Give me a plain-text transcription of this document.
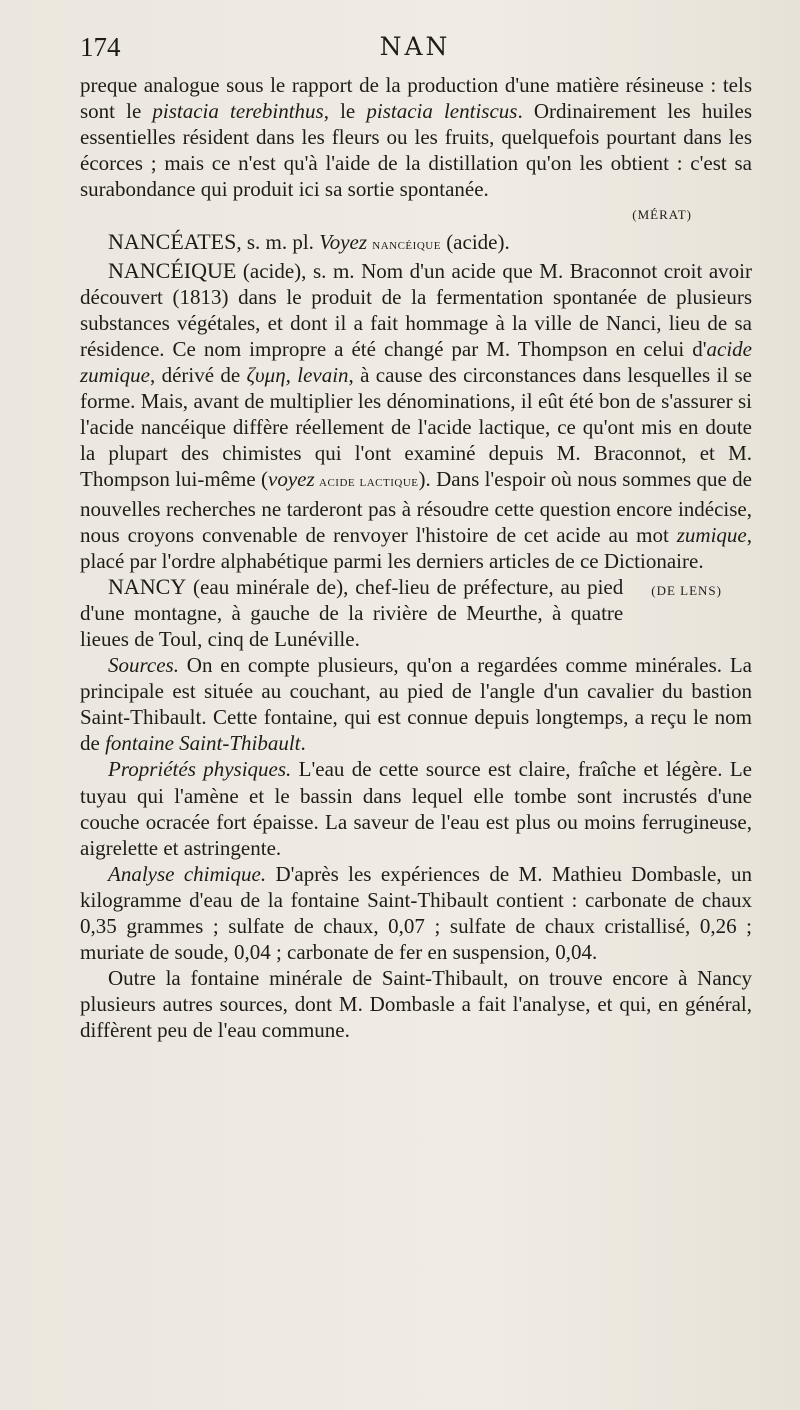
174	NAN

preque analogue sous le rapport de la production d'une matière résineuse : tels sont le pistacia terebinthus, le pistacia lentiscus. Ordinairement les huiles essentielles résident dans les fleurs ou les fruits, quelquefois pourtant dans les écorces ; mais ce n'est qu'à l'aide de la distillation qu'on les obtient : c'est sa surabondance qui produit ici sa sortie spontanée.

(MÉRAT)

NANCÉATES, s. m. pl. Voyez nancéique (acide).

NANCÉIQUE (acide), s. m. Nom d'un acide que M. Braconnot croit avoir découvert (1813) dans le produit de la fermentation spontanée de plusieurs substances végétales, et dont il a fait hommage à la ville de Nanci, lieu de sa résidence. Ce nom impropre a été changé par M. Thompson en celui d'acide zumique, dérivé de ζυμη, levain, à cause des circonstances dans lesquelles il se forme. Mais, avant de multiplier les dénominations, il eût été bon de s'assurer si l'acide nancéique diffère réellement de l'acide lactique, ce qu'ont mis en doute la plupart des chimistes qui l'ont examiné depuis M. Braconnot, et M. Thompson lui-même (voyez acide lactique). Dans l'espoir où nous sommes que de nouvelles recherches ne tarderont pas à résoudre cette question encore indécise, nous croyons convenable de renvoyer l'histoire de cet acide au mot zumique, placé par l'ordre alphabétique parmi les derniers articles de ce Dictionaire.
(DE LENS)

NANCY (eau minérale de), chef-lieu de préfecture, au pied d'une montagne, à gauche de la rivière de Meurthe, à quatre lieues de Toul, cinq de Lunéville.

Sources. On en compte plusieurs, qu'on a regardées comme minérales. La principale est située au couchant, au pied de l'angle d'un cavalier du bastion Saint-Thibault. Cette fontaine, qui est connue depuis longtemps, a reçu le nom de fontaine Saint-Thibault.

Propriétés physiques. L'eau de cette source est claire, fraîche et légère. Le tuyau qui l'amène et le bassin dans lequel elle tombe sont incrustés d'une couche ocracée fort épaisse. La saveur de l'eau est plus ou moins ferrugineuse, aigrelette et astringente.

Analyse chimique. D'après les expériences de M. Mathieu Dombasle, un kilogramme d'eau de la fontaine Saint-Thibault contient : carbonate de chaux 0,35 grammes ; sulfate de chaux, 0,07 ; sulfate de chaux cristallisé, 0,26 ; muriate de soude, 0,04 ; carbonate de fer en suspension, 0,04.

Outre la fontaine minérale de Saint-Thibault, on trouve encore à Nancy plusieurs autres sources, dont M. Dombasle a fait l'analyse, et qui, en général, diffèrent peu de l'eau commune.
